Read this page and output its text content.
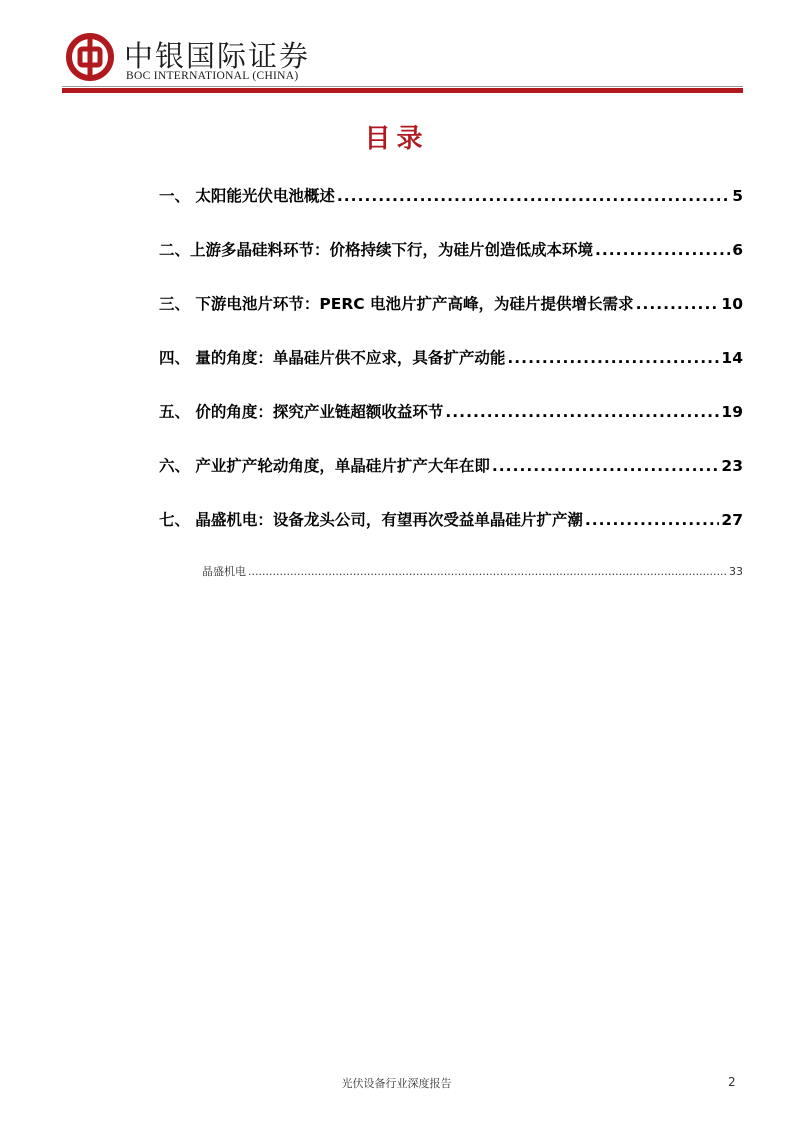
中银国际证券
BOC INTERNATIONAL (CHINA)
目录
一、 太阳能光伏电池概述 .....	5
二、上游多晶硅料环节：价格持续下行，为硅片创造低成本环境 .....	6
三、 下游电池片环节：PERC 电池片扩产高峰，为硅片提供增长需求 .....	10
四、 量的角度：单晶硅片供不应求，具备扩产动能 .....	14
五、 价的角度：探究产业链超额收益环节 .....	19
六、 产业扩产轮动角度，单晶硅片扩产大年在即 .....	23
七、 晶盛机电：设备龙头公司，有望再次受益单晶硅片扩产潮 .....	27
晶盛机电 .....	33
光伏设备行业深度报告	2
